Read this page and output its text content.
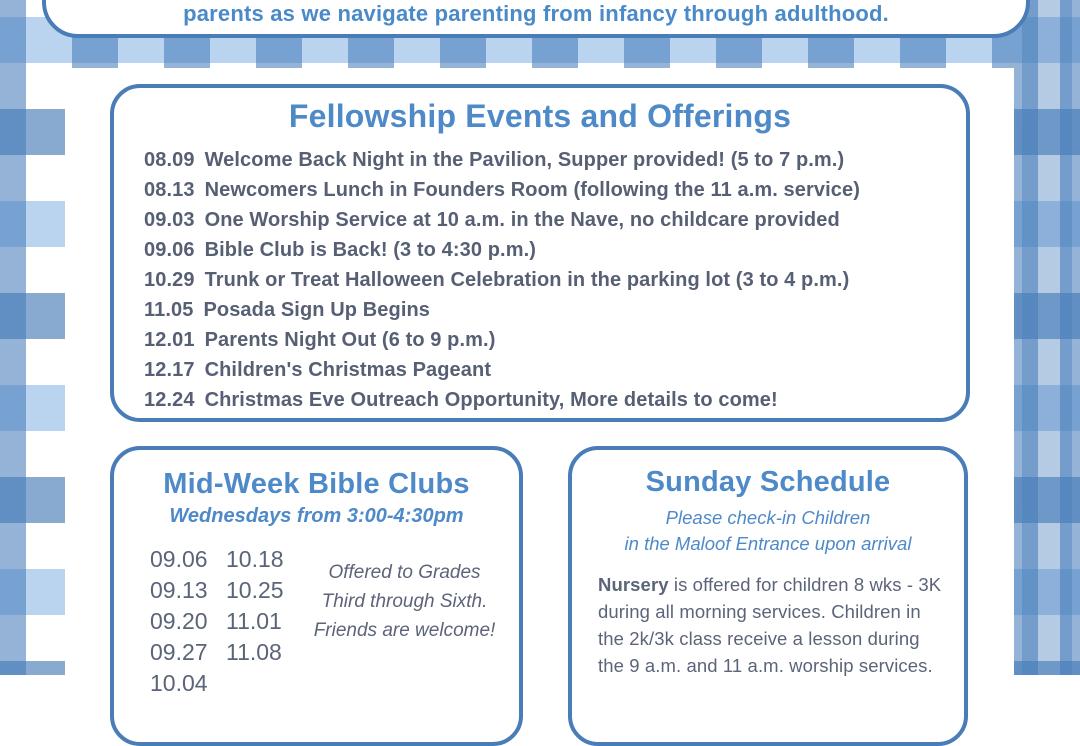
parents as we navigate parenting from infancy through adulthood.
Fellowship Events and Offerings
08.09 Welcome Back Night in the Pavilion, Supper provided! (5 to 7 p.m.)
08.13 Newcomers Lunch in Founders Room (following the 11 a.m. service)
09.03 One Worship Service at 10 a.m. in the Nave, no childcare provided
09.06 Bible Club is Back! (3 to 4:30 p.m.)
10.29 Trunk or Treat Halloween Celebration in the parking lot (3 to 4 p.m.)
11.05 Posada Sign Up Begins
12.01 Parents Night Out (6 to 9 p.m.)
12.17 Children's Christmas Pageant
12.24 Christmas Eve Outreach Opportunity, More details to come!
Mid-Week Bible Clubs
Wednesdays from 3:00-4:30pm
09.06 10.18
09.13 10.25
09.20 11.01
09.27 11.08
10.04
Offered to Grades Third through Sixth. Friends are welcome!
Sunday Schedule
Please check-in Children
in the Maloof Entrance upon arrival
Nursery is offered for children 8 wks - 3K during all morning services. Children in the 2k/3k class receive a lesson during the 9 a.m. and 11 a.m. worship services.
